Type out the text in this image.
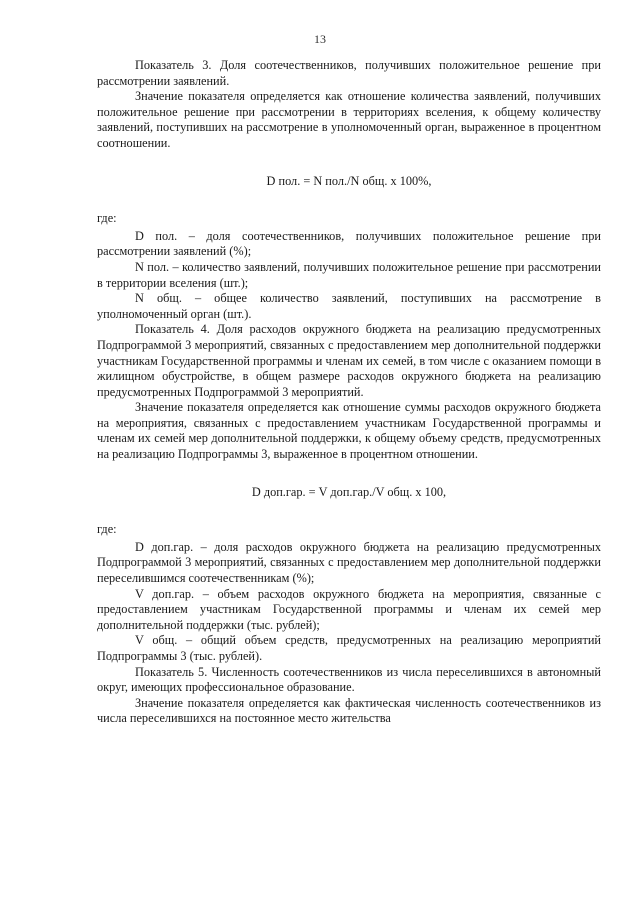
13

Показатель 3. Доля соотечественников, получивших положительное решение при рассмотрении заявлений.

Значение показателя определяется как отношение количества заявлений, получивших положительное решение при рассмотрении в территориях вселения, к общему количеству заявлений, поступивших на рассмотрение в уполномоченный орган, выраженное в процентном соотношении.

D пол. = N пол./N общ. x 100%,

где:

D пол. – доля соотечественников, получивших положительное решение при рассмотрении заявлений (%);

N пол. – количество заявлений, получивших положительное решение при рассмотрении в территории вселения (шт.);

N общ. – общее количество заявлений, поступивших на рассмотрение в уполномоченный орган (шт.).

Показатель 4. Доля расходов окружного бюджета на реализацию предусмотренных Подпрограммой 3 мероприятий, связанных с предоставлением мер дополнительной поддержки участникам Государственной программы и членам их семей, в том числе с оказанием помощи в жилищном обустройстве, в общем размере расходов окружного бюджета на реализацию предусмотренных Подпрограммой 3 мероприятий.

Значение показателя определяется как отношение суммы расходов окружного бюджета на мероприятия, связанных с предоставлением участникам Государственной программы и членам их семей мер дополнительной поддержки, к общему объему средств, предусмотренных на реализацию Подпрограммы 3, выраженное в процентном отношении.

D доп.гар. = V доп.гар./V общ. x 100,

где:

D доп.гар. – доля расходов окружного бюджета на реализацию предусмотренных Подпрограммой 3 мероприятий, связанных с предоставлением мер дополнительной поддержки переселившимся соотечественникам (%);

V доп.гар. – объем расходов окружного бюджета на мероприятия, связанные с предоставлением участникам Государственной программы и членам их семей мер дополнительной поддержки (тыс. рублей);

V общ. – общий объем средств, предусмотренных на реализацию мероприятий Подпрограммы 3 (тыс. рублей).

Показатель 5. Численность соотечественников из числа переселившихся в автономный округ, имеющих профессиональное образование.

Значение показателя определяется как фактическая численность соотечественников из числа переселившихся на постоянное место жительства
